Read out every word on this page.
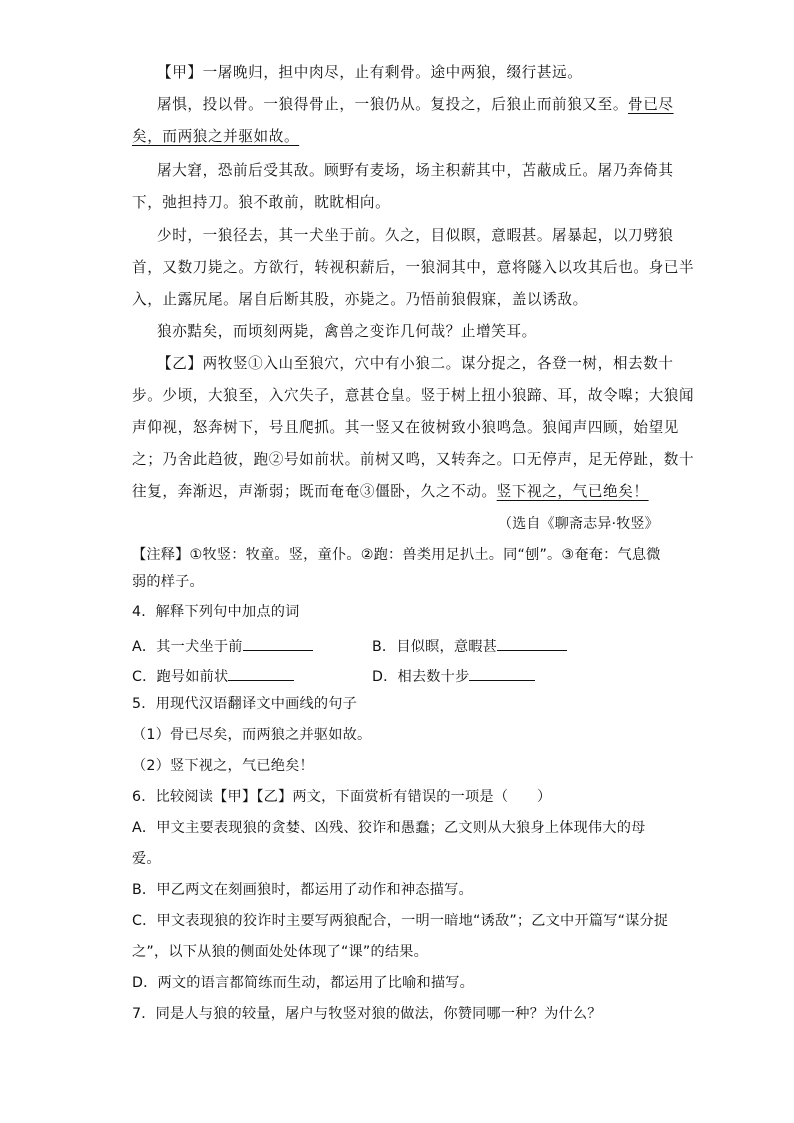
【甲】一屠晚归，担中肉尽，止有剩骨。途中两狼，缀行甚远。
屠惧，投以骨。一狼得骨止，一狼仍从。复投之，后狼止而前狼又至。骨已尽
矣，而两狼之并驱如故。
屠大窘，恐前后受其敌。顾野有麦场，场主积薪其中，苫蔽成丘。屠乃奔倚其
下，弛担持刀。狼不敢前，眈眈相向。
少时，一狼径去，其一犬坐于前。久之，目似瞑，意暇甚。屠暴起，以刀劈狼
首，又数刀毙之。方欲行，转视积薪后，一狼洞其中，意将隧入以攻其后也。身已半
入，止露尻尾。屠自后断其股，亦毙之。乃悟前狼假寐，盖以诱敌。
狼亦黠矣，而顷刻两毙，禽兽之变诈几何哉？止增笑耳。
【乙】两牧竖①入山至狼穴，穴中有小狼二。谋分捉之，各登一树，相去数十
步。少顷，大狼至，入穴失子，意甚仓皇。竖于树上扭小狼蹄、耳，故令嗥；大狼闻
声仰视，怒奔树下，号且爬抓。其一竖又在彼树致小狼鸣急。狼闻声四顾，始望见
之；乃舍此趋彼，跑②号如前状。前树又鸣，又转奔之。口无停声，足无停趾，数十
往复，奔渐迟，声渐弱；既而奄奄③僵卧，久之不动。竖下视之，气已绝矣！
（选自《聊斋志异·牧竖》
【注释】①牧竖：牧童。竖，童仆。②跑：兽类用足扒土。同“刨”。③奄奄：气息微
弱的样子。
4．解释下列句中加点的词
A．其一犬坐于前	B．目似瞑，意暇甚
C．跑号如前状	D．相去数十步
5．用现代汉语翻译文中画线的句子
（1）骨已尽矣，而两狼之并驱如故。
（2）竖下视之，气已绝矣！
6．比较阅读【甲】【乙】两文，下面赏析有错误的一项是（　　）
A．甲文主要表现狼的贪婪、凶残、狡诈和愚蠢；乙文则从大狼身上体现伟大的母
爱。
B．甲乙两文在刻画狼时，都运用了动作和神态描写。
C．甲文表现狼的狡诈时主要写两狼配合，一明一暗地“诱敌”；乙文中开篇写“谋分捉
之”，以下从狼的侧面处处体现了“课”的结果。
D．两文的语言都简练而生动，都运用了比喻和描写。
7．同是人与狼的较量，屠户与牧竖对狼的做法，你赞同哪一种？为什么？
